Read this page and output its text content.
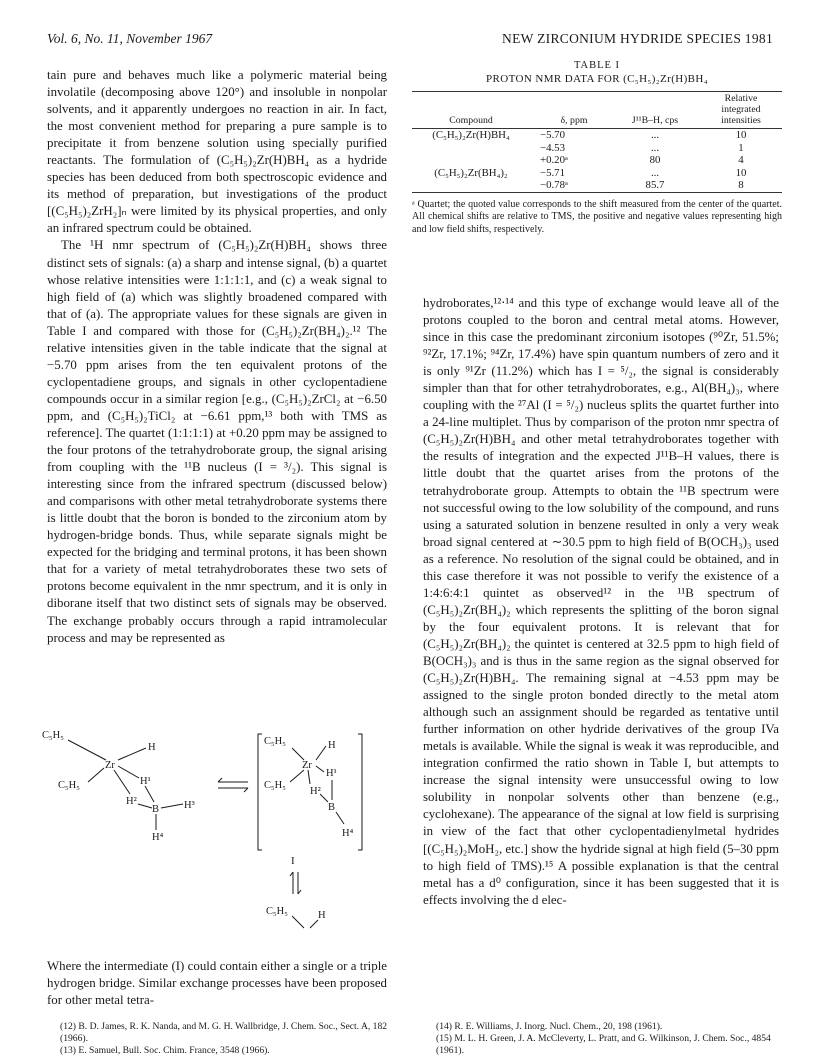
Vol. 6, No. 11, November 1967	NEW ZIRCONIUM HYDRIDE SPECIES 1981

tain pure and behaves much like a polymeric material being involatile (decomposing above 120°) and insoluble in nonpolar solvents, and it apparently undergoes no reaction in air. In fact, the most convenient method for preparing a pure sample is to precipitate it from benzene solution using specially purified reactants. The formulation of (C₅H₅)₂Zr(H)BH₄ as a hydride species has been deduced from both spectroscopic evidence and its method of preparation, but investigations of the product [(C₅H₅)₂ZrH₂]ₙ were limited by its physical properties, and only an infrared spectrum could be obtained.

The ¹H nmr spectrum of (C₅H₅)₂Zr(H)BH₄ shows three distinct sets of signals: (a) a sharp and intense signal, (b) a quartet whose relative intensities were 1:1:1:1, and (c) a weak signal to high field of (a) which was slightly broadened compared with that of (a). The appropriate values for these signals are given in Table I and compared with those for (C₅H₅)₂Zr(BH₄)₂.¹² The relative intensities given in the table indicate that the signal at −5.70 ppm arises from the ten equivalent protons of the cyclopentadiene groups, and signals in other cyclopentadiene compounds occur in a similar region [e.g., (C₅H₅)₂ZrCl₂ at −6.50 ppm, and (C₅H₅)₂TiCl₂ at −6.61 ppm,¹³ both with TMS as reference]. The quartet (1:1:1:1) at +0.20 ppm may be assigned to the four protons of the tetrahydroborate group, the signal arising from coupling with the ¹¹B nucleus (I = ³/₂). This signal is interesting since from the infrared spectrum (discussed below) and comparisons with other metal tetrahydroborate systems there is little doubt that the boron is bonded to the zirconium atom by hydrogen-bridge bonds. Thus, while separate signals might be expected for the bridging and terminal protons, it has been shown that for a variety of metal tetrahydroborates these two sets of protons become equivalent in the nmr spectrum, and it is only in diborane itself that two distinct sets of signals may be observed. The exchange probably occurs through a rapid intramolecular process and may be represented as

C₅H₅
C₅H₅
Zr
H
H¹
H²
B H³
H⁴
C₅H₅
C₅H₅
Zr
H
H¹
H²
B
H⁴
I
C₅H₅	H

Where the intermediate (I) could contain either a single or a triple hydrogen bridge. Similar exchange processes have been proposed for other metal tetra-

TABLE I
PROTON NMR DATA FOR (C₅H₅)₂Zr(H)BH₄
Compound	δ, ppm	J¹¹B–H, cps	Relative
integrated
intensities
(C₅H₅)₂Zr(H)BH₄	−5.70	...	10
	−4.53	...	1
	+0.20ᵃ	80	4
(C₅H₅)₂Zr(BH₄)₂	−5.71	...	10
	−0.78ᵃ	85.7	8
ᵃ Quartet; the quoted value corresponds to the shift measured from the center of the quartet. All chemical shifts are relative to TMS, the positive and negative values representing high and low field shifts, respectively.

hydroborates,¹²⋅¹⁴ and this type of exchange would leave all of the protons coupled to the boron and central metal atoms. However, since in this case the predominant zirconium isotopes (⁹⁰Zr, 51.5%; ⁹²Zr, 17.1%; ⁹⁴Zr, 17.4%) have spin quantum numbers of zero and it is only ⁹¹Zr (11.2%) which has I = ⁵/₂, the signal is considerably simpler than that for other tetrahydroborates, e.g., Al(BH₄)₃, where coupling with the ²⁷Al (I = ⁵/₂) nucleus splits the quartet further into a 24-line multiplet. Thus by comparison of the proton nmr spectra of (C₅H₅)₂Zr(H)BH₄ and other metal tetrahydroborates together with the results of integration and the expected J¹¹B–H values, there is little doubt that the quartet arises from the protons of the tetrahydroborate group. Attempts to obtain the ¹¹B spectrum were not successful owing to the low solubility of the compound, and runs using a saturated solution in benzene resulted in only a very weak broad signal centered at ∼30.5 ppm to high field of B(OCH₃)₃ used as a reference. No resolution of the signal could be obtained, and in this case therefore it was not possible to verify the existence of a 1:4:6:4:1 quintet as observed¹² in the ¹¹B spectrum of (C₅H₅)₂Zr(BH₄)₂ which represents the splitting of the boron signal by the four equivalent protons. It is relevant that for (C₅H₅)₂Zr(BH₄)₂ the quintet is centered at 32.5 ppm to high field of B(OCH₃)₃ and is thus in the same region as the signal observed for (C₅H₅)₂Zr(H)BH₄. The remaining signal at −4.53 ppm may be assigned to the single proton bonded directly to the metal atom although such an assignment should be regarded as tentative until further information on other hydride derivatives of the group IVa metals is available. While the signal is weak it was reproducible, and integration confirmed the ratio shown in Table I, but attempts to increase the signal intensity were unsuccessful owing to low solubility in nonpolar solvents other than benzene (e.g., cyclohexane). The appearance of the signal at low field is surprising in view of the fact that other cyclopentadienylmetal hydrides [(C₅H₅)₂MoH₂, etc.] show the hydride signal at high field (5–30 ppm to high field of TMS).¹⁵ A possible explanation is that the central metal has a d⁰ configuration, since it has been suggested that it is effects involving the d elec-

(12) B. D. James, R. K. Nanda, and M. G. H. Wallbridge, J. Chem. Soc., Sect. A, 182 (1966).
(13) E. Samuel, Bull. Soc. Chim. France, 3548 (1966).
(14) R. E. Williams, J. Inorg. Nucl. Chem., 20, 198 (1961).
(15) M. L. H. Green, J. A. McCleverty, L. Pratt, and G. Wilkinson, J. Chem. Soc., 4854 (1961).
